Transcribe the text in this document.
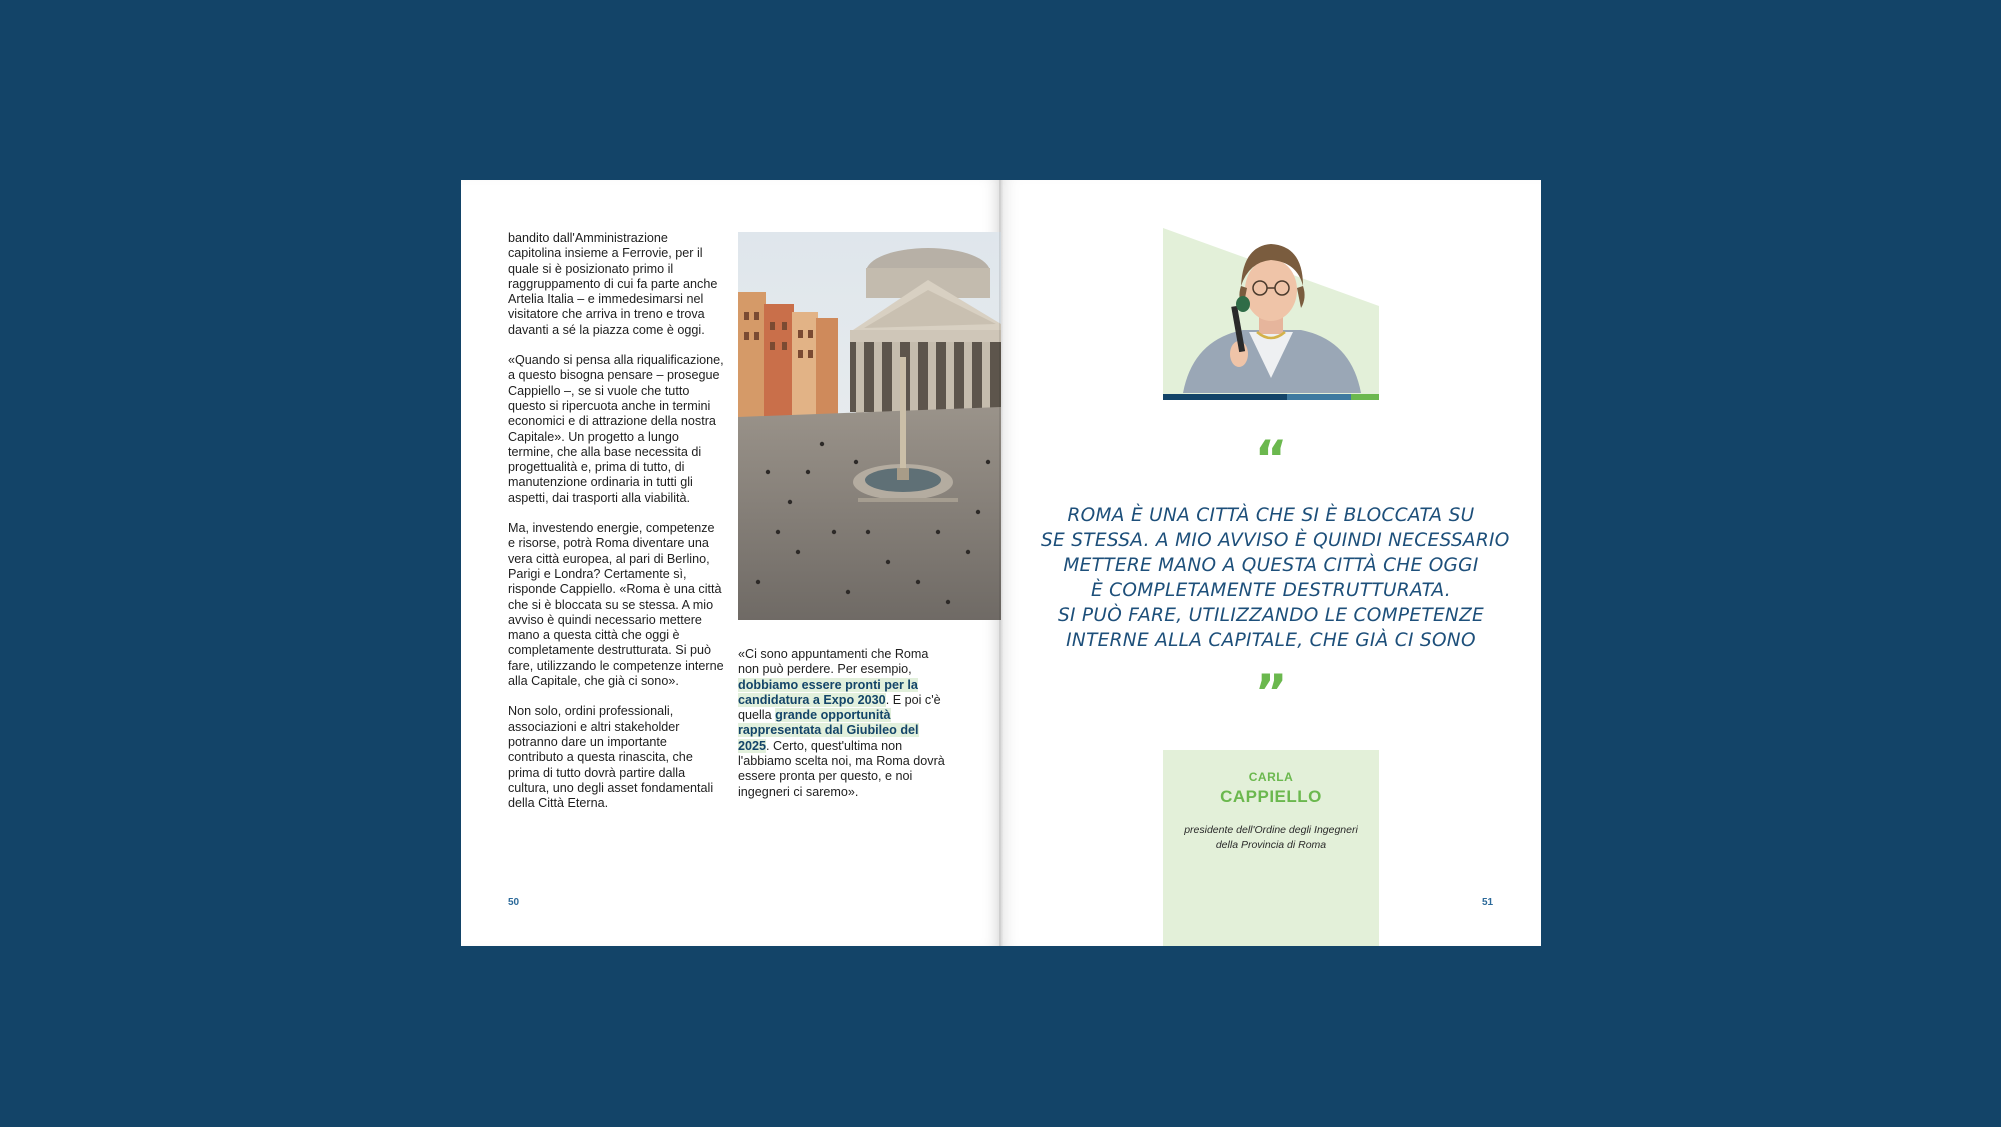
bandito dall'Amministrazione capitolina insieme a Ferrovie, per il quale si è posizionato primo il raggruppamento di cui fa parte anche Artelia Italia – e immedesimarsi nel visitatore che arriva in treno e trova davanti a sé la piazza come è oggi.

«Quando si pensa alla riqualificazione, a questo bisogna pensare – prosegue Cappiello –, se si vuole che tutto questo si ripercuota anche in termini economici e di attrazione della nostra Capitale». Un progetto a lungo termine, che alla base necessita di progettualità e, prima di tutto, di manutenzione ordinaria in tutti gli aspetti, dai trasporti alla viabilità.

Ma, investendo energie, competenze e risorse, potrà Roma diventare una vera città europea, al pari di Berlino, Parigi e Londra? Certamente sì, risponde Cappiello. «Roma è una città che si è bloccata su se stessa. A mio avviso è quindi necessario mettere mano a questa città che oggi è completamente destrutturata. Si può fare, utilizzando le competenze interne alla Capitale, che già ci sono».

Non solo, ordini professionali, associazioni e altri stakeholder potranno dare un importante contributo a questa rinascita, che prima di tutto dovrà partire dalla cultura, uno degli asset fondamentali della Città Eterna.

«Ci sono appuntamenti che Roma non può perdere. Per esempio, dobbiamo essere pronti per la candidatura a Expo 2030. E poi c'è quella grande opportunità rappresentata dal Giubileo del 2025. Certo, quest'ultima non l'abbiamo scelta noi, ma Roma dovrà essere pronta per questo, e noi ingegneri ci saremo».
50
“
ROMA È UNA CITTÀ CHE SI È BLOCCATA SU
SE STESSA. A MIO AVVISO È QUINDI NECESSARIO
METTERE MANO A QUESTA CITTÀ CHE OGGI
È COMPLETAMENTE DESTRUTTURATA.
SI PUÒ FARE, UTILIZZANDO LE COMPETENZE
INTERNE ALLA CAPITALE, CHE GIÀ CI SONO
”
CARLA
CAPPIELLO
presidente dell'Ordine degli Ingegneri della Provincia di Roma
51
